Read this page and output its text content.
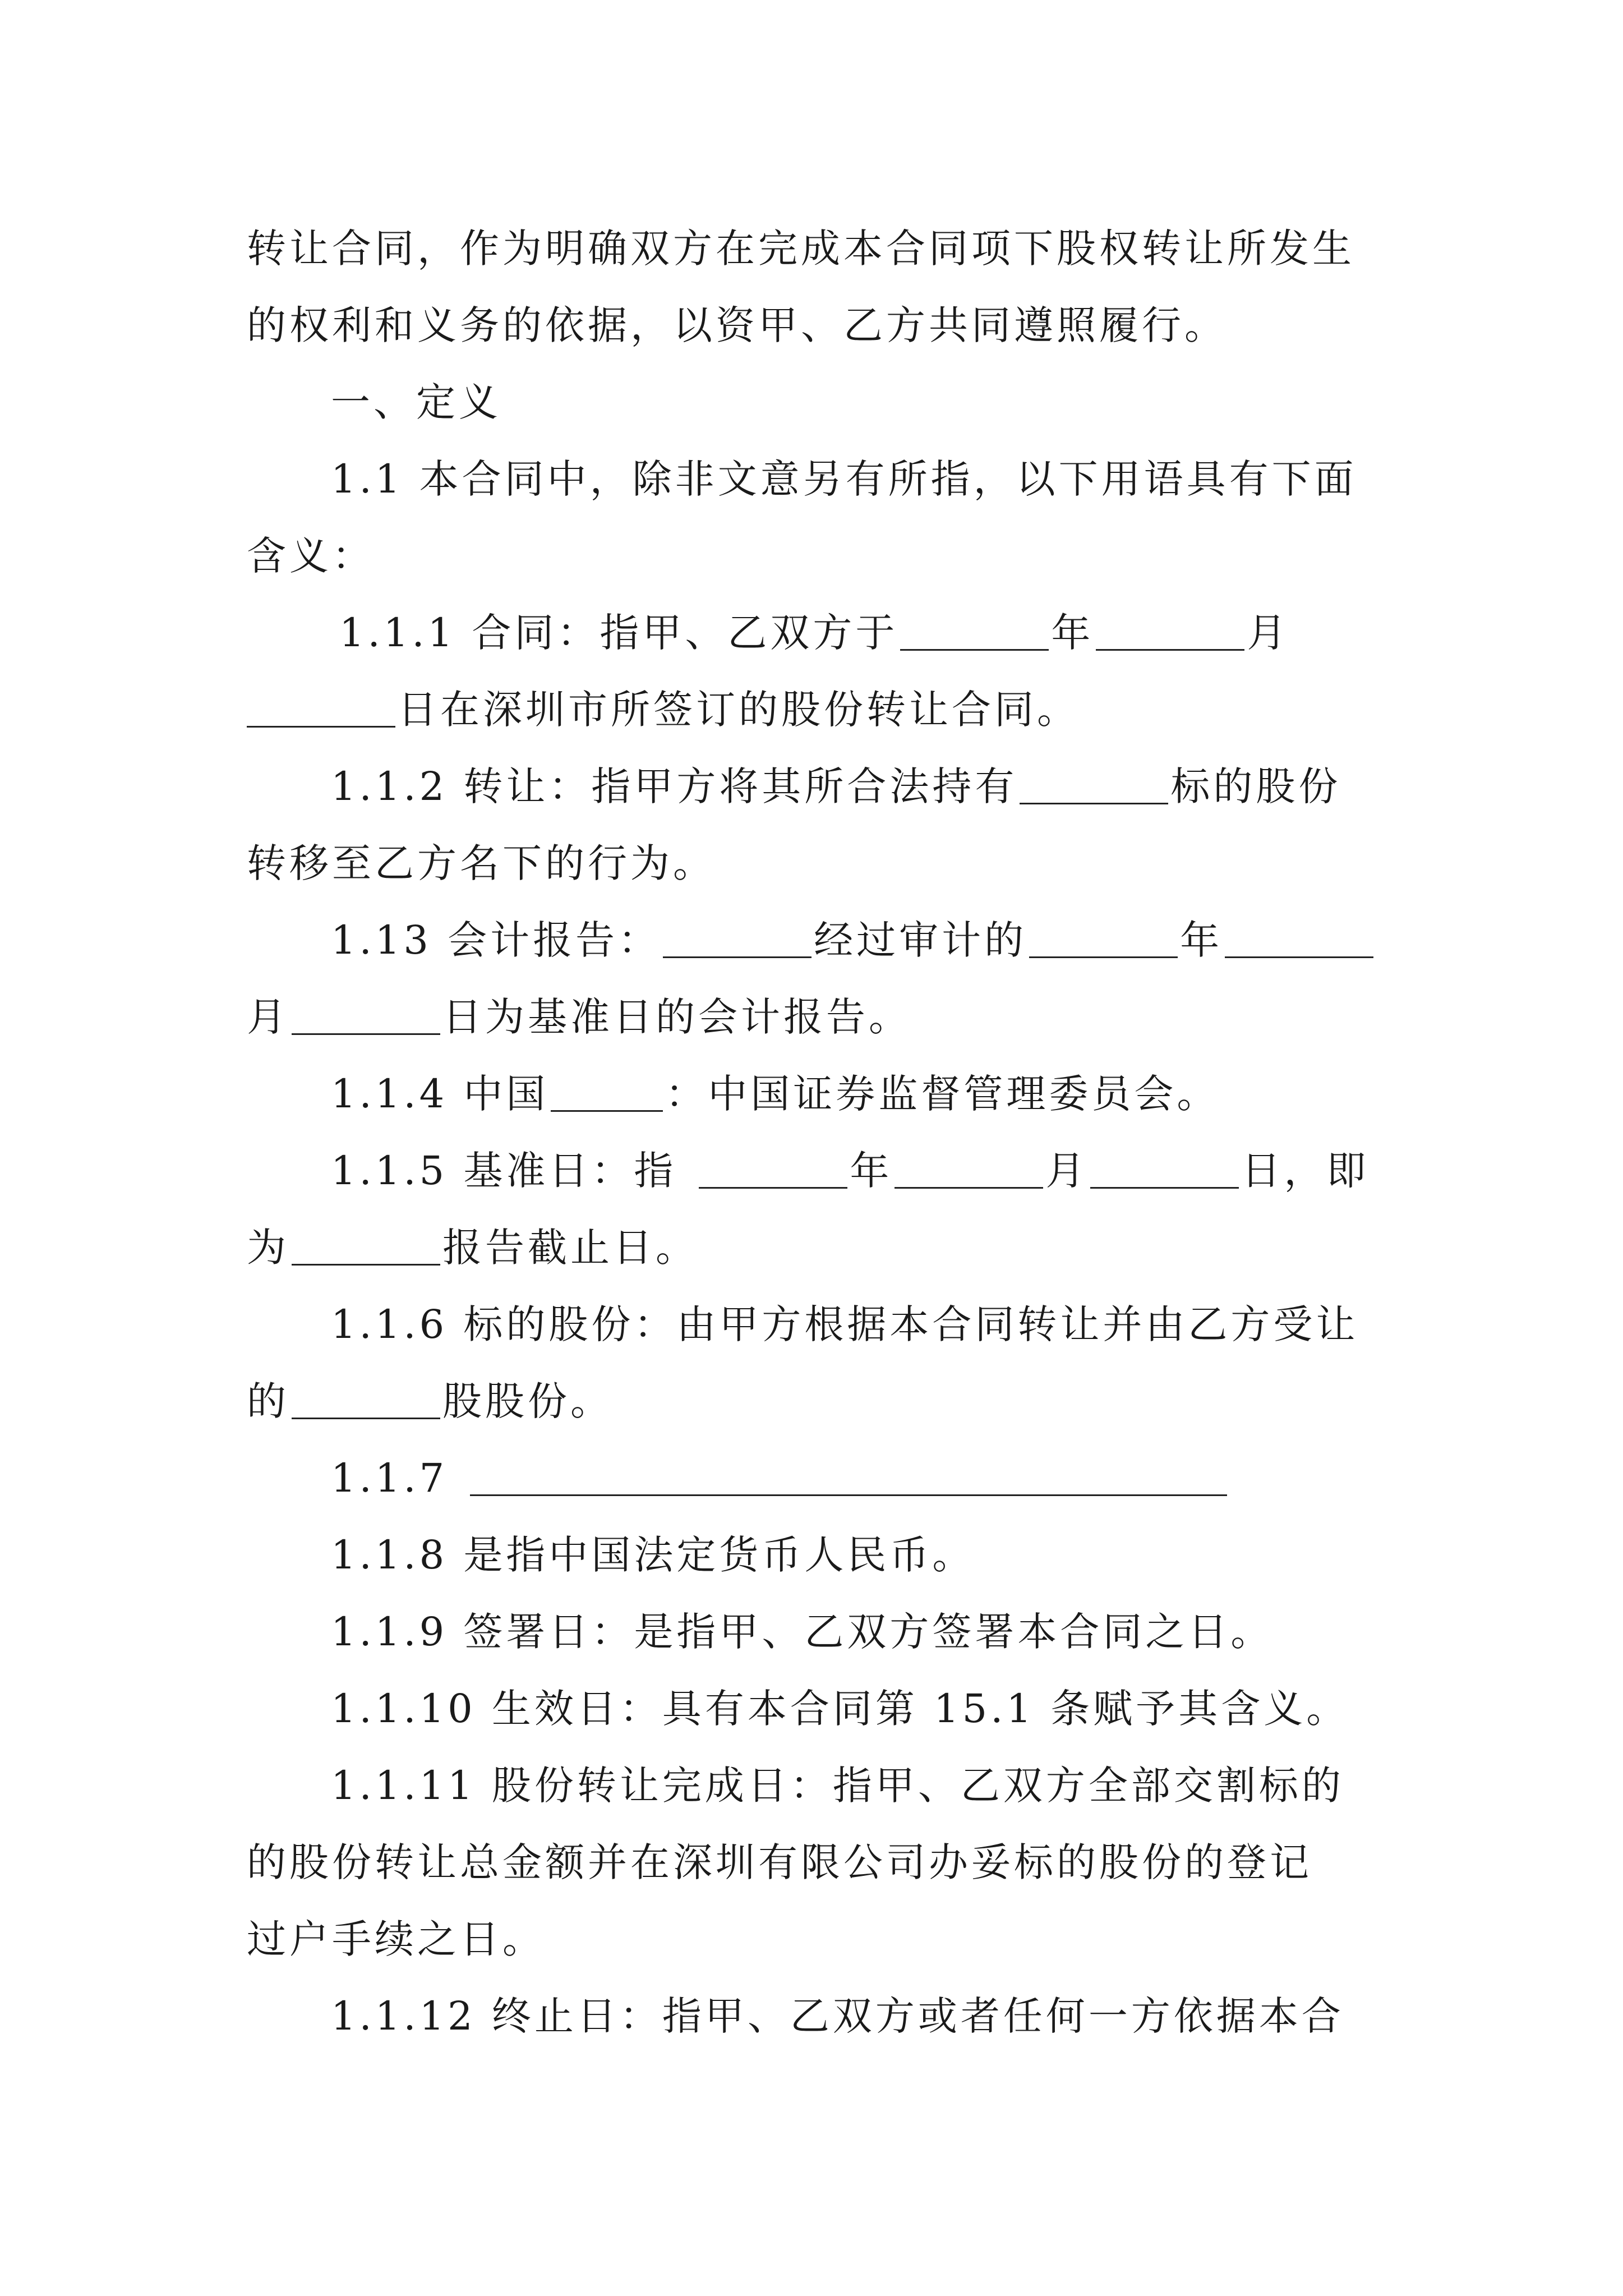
转让合同，作为明确双方在完成本合同项下股权转让所发生
的权利和义务的依据，以资甲、乙方共同遵照履行。
一、定义
1.1 本合同中，除非文意另有所指，以下用语具有下面
含义：
1.1.1 合同：指甲、乙双方于	年	月
日在深圳市所签订的股份转让合同。
1.1.2 转让：指甲方将其所合法持有	标的股份
转移至乙方名下的行为。
1.13 会计报告：	经过审计的	年
月	日为基准日的会计报告。
1.1.4 中国	：中国证券监督管理委员会。
1.1.5 基准日：指	年	月	日，即
为	报告截止日。
1.1.6 标的股份：由甲方根据本合同转让并由乙方受让
的	股股份。
1.1.7
1.1.8 是指中国法定货币人民币。
1.1.9 签署日：是指甲、乙双方签署本合同之日。
1.1.10 生效日：具有本合同第 15.1 条赋予其含义。
1.1.11 股份转让完成日：指甲、乙双方全部交割标的
的股份转让总金额并在深圳有限公司办妥标的股份的登记
过户手续之日。
1.1.12 终止日：指甲、乙双方或者任何一方依据本合
